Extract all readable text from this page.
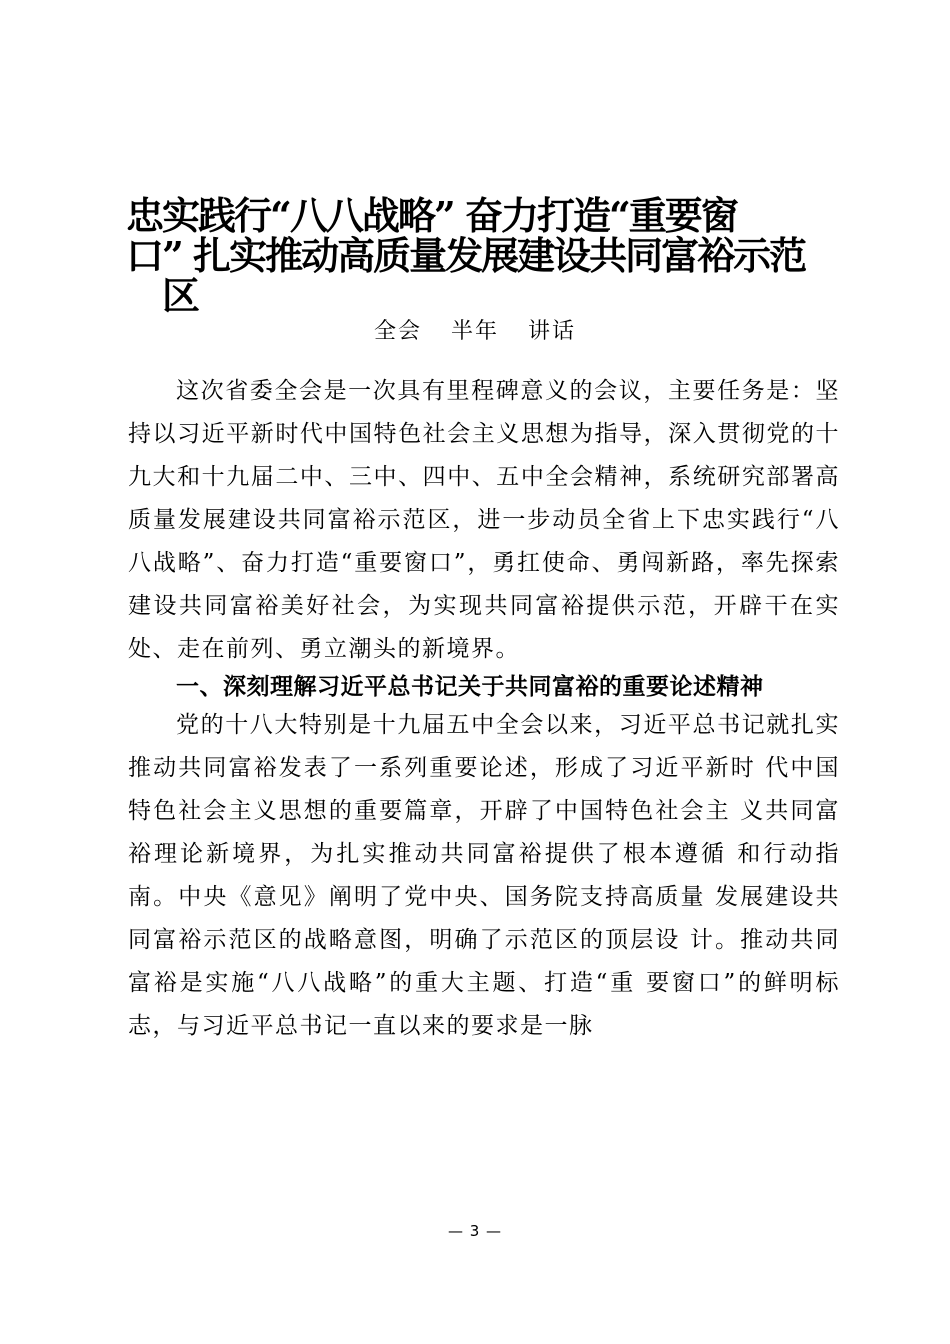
忠实践行“八八战略” 奋力打造“重要窗
口” 扎实推动高质量发展建设共同富裕示范
区

全会 半年 讲话

这次省委全会是一次具有里程碑意义的会议，主要任务是：坚持以习近平新时代中国特色社会主义思想为指导，深入贯彻党的十九大和十九届二中、三中、四中、五中全会精神，系统研究部署高质量发展建设共同富裕示范区，进一步动员全省上下忠实践行“八八战略”、奋力打造“重要窗口”，勇扛使命、勇闯新路，率先探索建设共同富裕美好社会，为实现共同富裕提供示范，开辟干在实处、走在前列、勇立潮头的新境界。

一、深刻理解习近平总书记关于共同富裕的重要论述精神

党的十八大特别是十九届五中全会以来，习近平总书记就扎实推动共同富裕发表了一系列重要论述，形成了习近平新时 代中国特色社会主义思想的重要篇章，开辟了中国特色社会主 义共同富裕理论新境界，为扎实推动共同富裕提供了根本遵循 和行动指南。中央《意见》阐明了党中央、国务院支持高质量 发展建设共同富裕示范区的战略意图，明确了示范区的顶层设 计。推动共同富裕是实施“八八战略”的重大主题、打造“重 要窗口”的鲜明标志，与习近平总书记一直以来的要求是一脉

— 3 —
